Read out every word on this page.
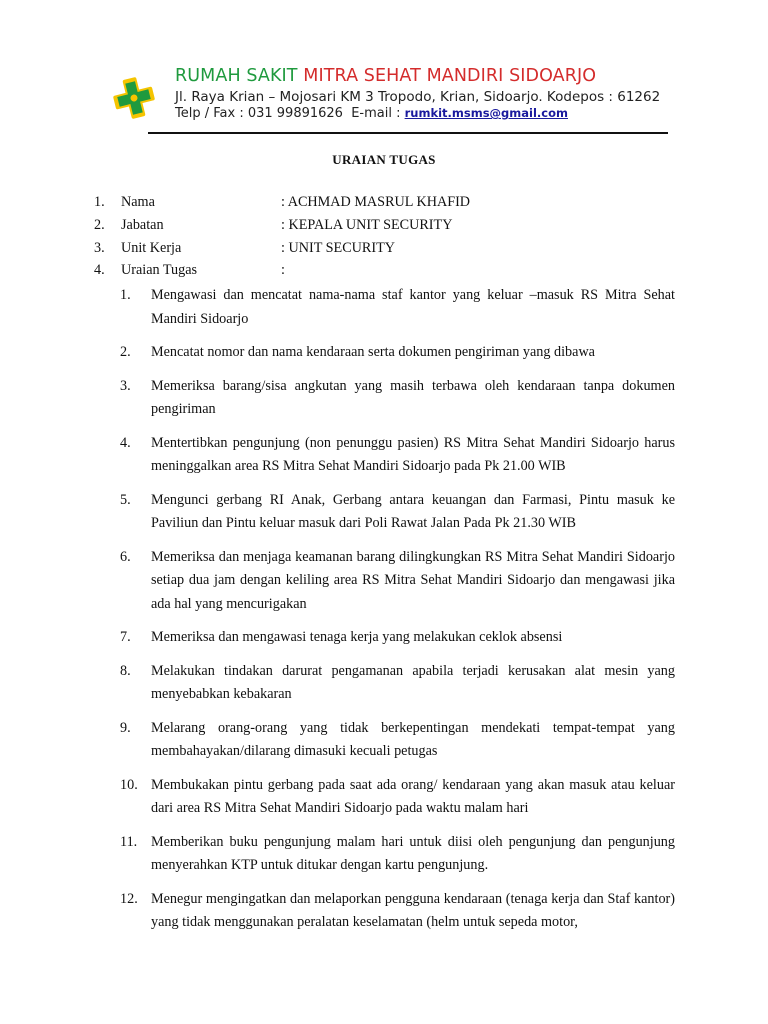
RUMAH SAKIT MITRA SEHAT MANDIRI SIDOARJO
Jl. Raya Krian – Mojosari KM 3 Tropodo, Krian, Sidoarjo. Kodepos : 61262
Telp / Fax : 031 99891626  E-mail : rumkit.msms@gmail.com
URAIAN TUGAS
1. Nama	: ACHMAD MASRUL KHAFID
2. Jabatan	: KEPALA UNIT SECURITY
3. Unit Kerja	: UNIT SECURITY
4. Uraian Tugas	:
1. Mengawasi dan mencatat nama-nama staf kantor yang keluar –masuk RS Mitra Sehat Mandiri Sidoarjo
2. Mencatat nomor dan nama kendaraan serta dokumen pengiriman yang dibawa
3. Memeriksa barang/sisa angkutan yang masih terbawa oleh kendaraan tanpa dokumen pengiriman
4. Mentertibkan pengunjung (non penunggu pasien) RS Mitra Sehat Mandiri Sidoarjo harus meninggalkan area RS Mitra Sehat Mandiri Sidoarjo pada Pk 21.00 WIB
5. Mengunci gerbang RI Anak, Gerbang antara keuangan dan Farmasi, Pintu masuk ke Paviliun dan Pintu keluar masuk dari Poli Rawat Jalan Pada Pk 21.30 WIB
6. Memeriksa dan menjaga keamanan barang dilingkungkan RS Mitra Sehat Mandiri Sidoarjo setiap dua jam dengan keliling area RS Mitra Sehat Mandiri Sidoarjo dan mengawasi jika ada hal yang mencurigakan
7. Memeriksa dan mengawasi tenaga kerja yang melakukan ceklok absensi
8. Melakukan tindakan darurat pengamanan apabila terjadi kerusakan alat mesin yang menyebabkan kebakaran
9. Melarang orang-orang yang tidak berkepentingan mendekati tempat-tempat yang membahayakan/dilarang dimasuki kecuali petugas
10. Membukakan pintu gerbang pada saat ada orang/ kendaraan yang akan masuk atau keluar dari area RS Mitra Sehat Mandiri Sidoarjo pada waktu malam hari
11. Memberikan buku pengunjung malam hari untuk diisi oleh pengunjung dan pengunjung menyerahkan KTP untuk ditukar dengan kartu pengunjung.
12. Menegur mengingatkan dan melaporkan pengguna kendaraan (tenaga kerja dan Staf kantor) yang tidak menggunakan peralatan keselamatan (helm untuk sepeda motor,
